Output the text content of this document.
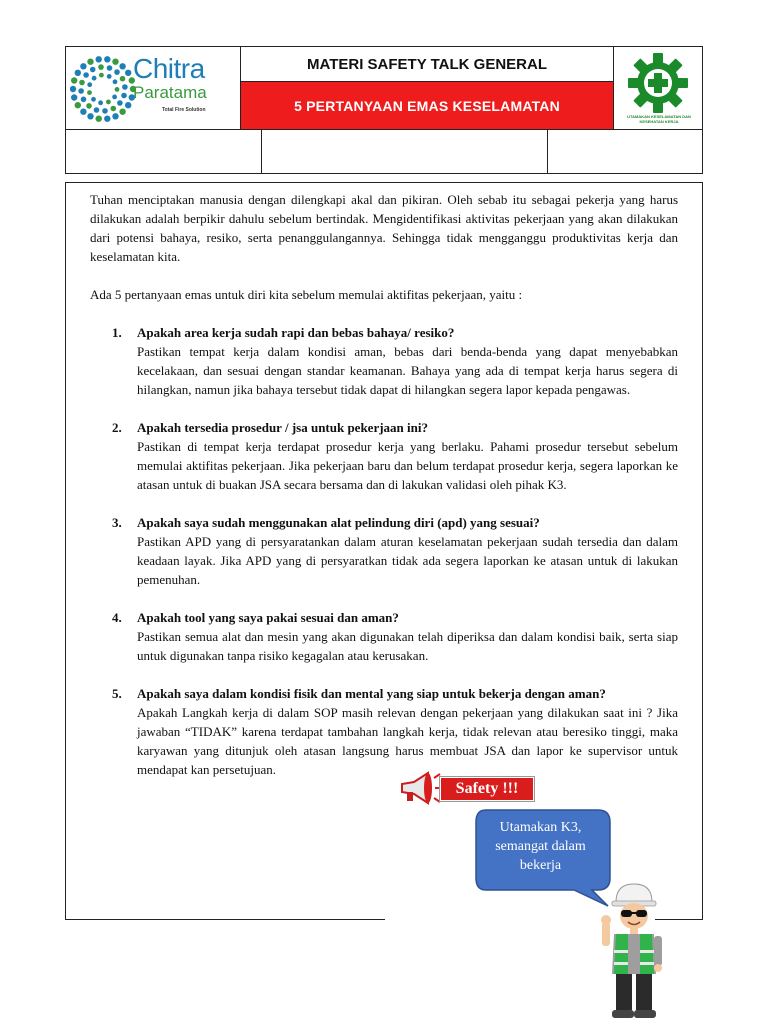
Chitra
Paratama
Total Fire Solution
MATERI SAFETY TALK GENERAL
5 PERTANYAAN EMAS KESELAMATAN
UTAMAKAN KESELAMATAN DAN KESEHATAN KERJA

Tuhan menciptakan manusia dengan dilengkapi akal dan pikiran. Oleh sebab itu sebagai pekerja yang harus dilakukan adalah berpikir dahulu sebelum bertindak. Mengidentifikasi aktivitas pekerjaan yang akan dilakukan dari potensi bahaya, resiko, serta penanggulangannya. Sehingga tidak mengganggu produktivitas kerja dan keselamatan kita.

Ada 5 pertanyaan emas untuk diri kita sebelum memulai aktifitas pekerjaan, yaitu :

1. Apakah area kerja sudah rapi dan bebas bahaya/ resiko?

Pastikan tempat kerja dalam kondisi aman, bebas dari benda-benda yang dapat menyebabkan kecelakaan, dan sesuai dengan standar keamanan. Bahaya yang ada di tempat kerja harus segera di hilangkan, namun jika bahaya tersebut tidak dapat di hilangkan segera lapor kepada pengawas.

2. Apakah tersedia prosedur / jsa untuk pekerjaan ini?

Pastikan di tempat kerja terdapat prosedur kerja yang berlaku. Pahami prosedur tersebut sebelum memulai aktifitas pekerjaan. Jika pekerjaan baru dan belum terdapat prosedur kerja, segera laporkan ke atasan untuk di buakan JSA secara bersama dan di lakukan validasi oleh pihak K3.

3. Apakah saya sudah menggunakan alat pelindung diri (apd) yang sesuai?

Pastikan APD yang di persyaratankan dalam aturan keselamatan pekerjaan sudah tersedia dan dalam keadaan layak. Jika APD yang di persyaratkan tidak ada segera laporkan ke atasan untuk di lakukan pemenuhan.

4. Apakah tool yang saya pakai sesuai dan aman?

Pastikan semua alat dan mesin yang akan digunakan telah diperiksa dan dalam kondisi baik, serta siap untuk digunakan tanpa risiko kegagalan atau kerusakan.

5. Apakah saya dalam kondisi fisik dan mental yang siap untuk bekerja dengan aman?

Apakah Langkah kerja di dalam SOP masih relevan dengan pekerjaan yang dilakukan saat ini ? Jika jawaban “TIDAK” karena terdapat tambahan langkah kerja, tidak relevan atau beresiko tinggi, maka karyawan yang ditunjuk oleh atasan langsung harus membuat JSA dan lapor ke supervisor untuk mendapat kan persetujuan.

Safety !!!
Utamakan K3,
semangat dalam
bekerja
